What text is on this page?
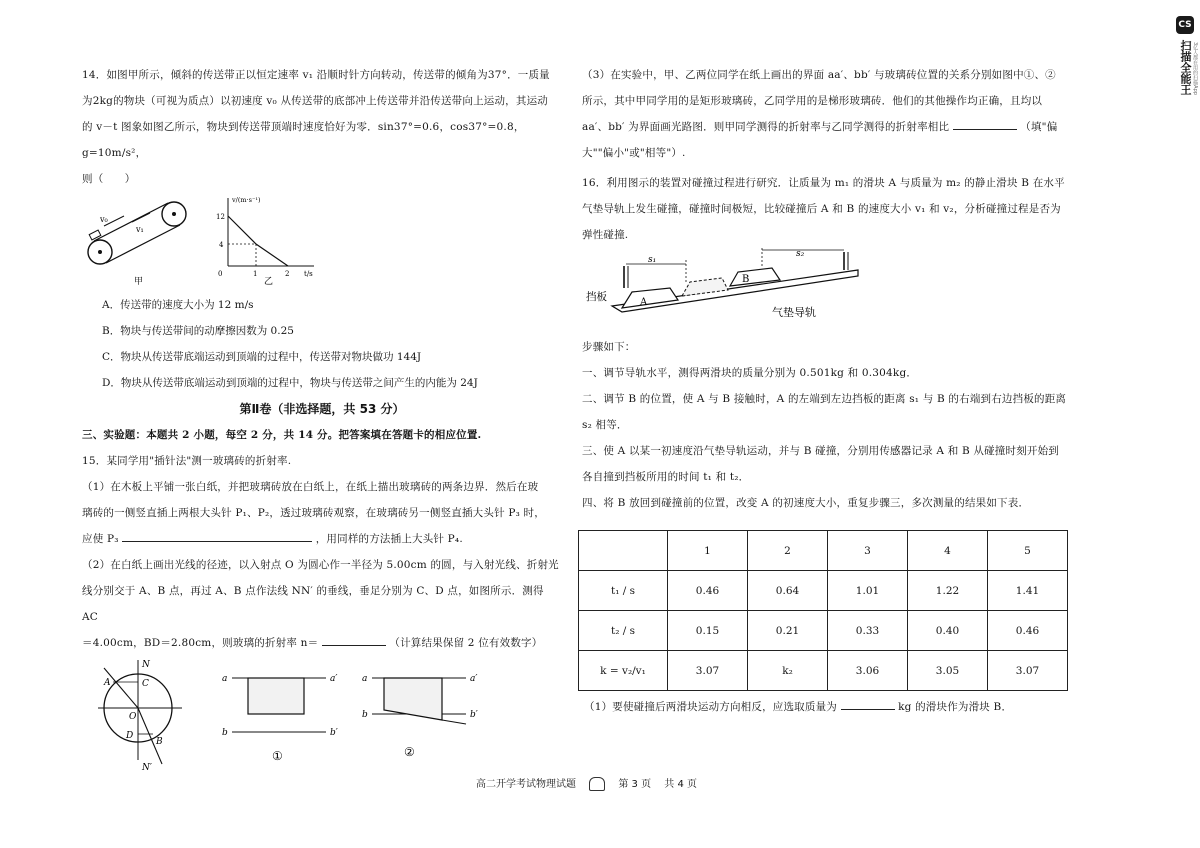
14．如图甲所示，倾斜的传送带正以恒定速率 v₁ 沿顺时针方向转动，传送带的倾角为37°．一质量

为2kg的物块（可视为质点）以初速度 v₀ 从传送带的底部冲上传送带并沿传送带向上运动，其运动

的 v－t 图象如图乙所示，物块到传送带顶端时速度恰好为零．sin37°=0.6，cos37°=0.8，g=10m/s²，

则（　　）

v₀
v₁
甲
v/(m·s⁻¹)
t/s
12
4
0	1	2
乙

A．传送带的速度大小为 12 m/s

B．物块与传送带间的动摩擦因数为 0.25

C．物块从传送带底端运动到顶端的过程中，传送带对物块做功 144J

D．物块从传送带底端运动到顶端的过程中，物块与传送带之间产生的内能为 24J

第Ⅱ卷（非选择题，共 53 分）

三、实验题：本题共 2 小题，每空 2 分，共 14 分。把答案填在答题卡的相应位置.

15．某同学用"插针法"测一玻璃砖的折射率.

（1）在木板上平铺一张白纸，并把玻璃砖放在白纸上，在纸上描出玻璃砖的两条边界．然后在玻

璃砖的一侧竖直插上两根大头针 P₁、P₂，透过玻璃砖观察，在玻璃砖另一侧竖直插大头针 P₃ 时，

应使 P₃	，用同样的方法插上大头针 P₄.

（2）在白纸上画出光线的径迹，以入射点 O 为圆心作一半径为 5.00cm 的圆，与入射光线、折射光

线分别交于 A、B 点，再过 A、B 点作法线 NN′ 的垂线，垂足分别为 C、D 点，如图所示．测得 AC

＝4.00cm，BD＝2.80cm，则玻璃的折射率 n＝	（计算结果保留 2 位有效数字）

N
N′
A	C
O
D
B
a	a′
b	b′
①
a	a′
b	b′
②

（3）在实验中，甲、乙两位同学在纸上画出的界面 aa′、bb′ 与玻璃砖位置的关系分别如图中①、②

所示，其中甲同学用的是矩形玻璃砖，乙同学用的是梯形玻璃砖．他们的其他操作均正确，且均以

aa′、bb′ 为界面画光路图．则甲同学测得的折射率与乙同学测得的折射率相比	（填"偏

大""偏小"或"相等"）.

16．利用图示的装置对碰撞过程进行研究．让质量为 m₁ 的滑块 A 与质量为 m₂ 的静止滑块 B 在水平

气垫导轨上发生碰撞，碰撞时间极短，比较碰撞后 A 和 B 的速度大小 v₁ 和 v₂，分析碰撞过程是否为

弹性碰撞.

A
B
s₁
s₂
挡板
气垫导轨

步骤如下：

一、调节导轨水平，测得两滑块的质量分别为 0.501kg 和 0.304kg．

二、调节 B 的位置，使 A 与 B 接触时，A 的左端到左边挡板的距离 s₁ 与 B 的右端到右边挡板的距离

s₂ 相等．

三、使 A 以某一初速度沿气垫导轨运动，并与 B 碰撞，分别用传感器记录 A 和 B 从碰撞时刻开始到

各自撞到挡板所用的时间 t₁ 和 t₂．

四、将 B 放回到碰撞前的位置，改变 A 的初速度大小，重复步骤三，多次测量的结果如下表．

	1	2	3	4	5
t₁ / s	0.46	0.64	1.01	1.22	1.41
t₂ / s	0.15	0.21	0.33	0.40	0.46
k = v₂/v₁	3.07	k₂	3.06	3.05	3.07

（1）要使碰撞后两滑块运动方向相反，应选取质量为	kg 的滑块作为滑块 B．

高二开学考试物理试题	第 3 页 共 4 页
CS
扫描全能王 3亿人都在用的扫描App
